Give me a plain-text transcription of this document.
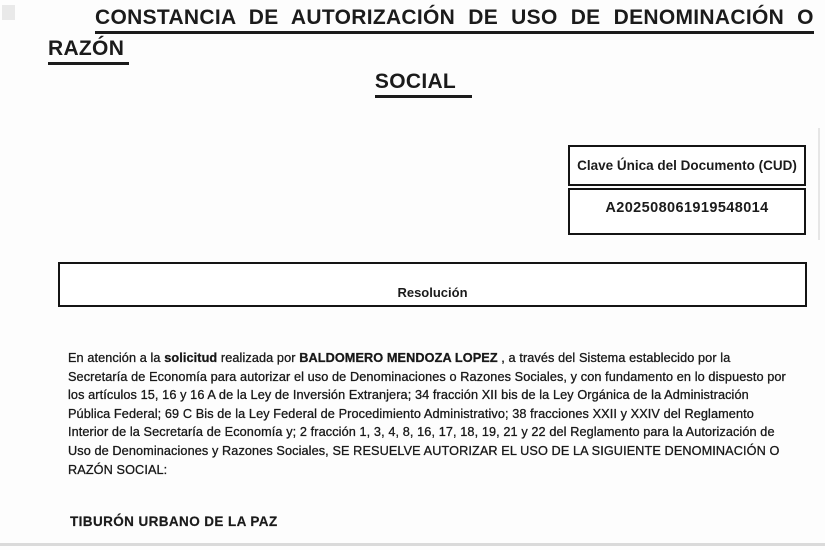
CONSTANCIA DE AUTORIZACIÓN DE USO DE DENOMINACIÓN O
RAZÓN
SOCIAL
Clave Única del Documento (CUD)
A202508061919548014
Resolución
En atención a la solicitud realizada por BALDOMERO MENDOZA LOPEZ , a través del Sistema establecido por la Secretaría de Economía para autorizar el uso de Denominaciones o Razones Sociales, y con fundamento en lo dispuesto por los artículos 15, 16 y 16 A de la Ley de Inversión Extranjera; 34 fracción XII bis de la Ley Orgánica de la Administración Pública Federal; 69 C Bis de la Ley Federal de Procedimiento Administrativo; 38 fracciones XXII y XXIV del Reglamento Interior de la Secretaría de Economía y; 2 fracción 1, 3, 4, 8, 16, 17, 18, 19, 21 y 22 del Reglamento para la Autorización de Uso de Denominaciones y Razones Sociales, SE RESUELVE AUTORIZAR EL USO DE LA SIGUIENTE DENOMINACIÓN O RAZÓN SOCIAL:
TIBURÓN URBANO DE LA PAZ
